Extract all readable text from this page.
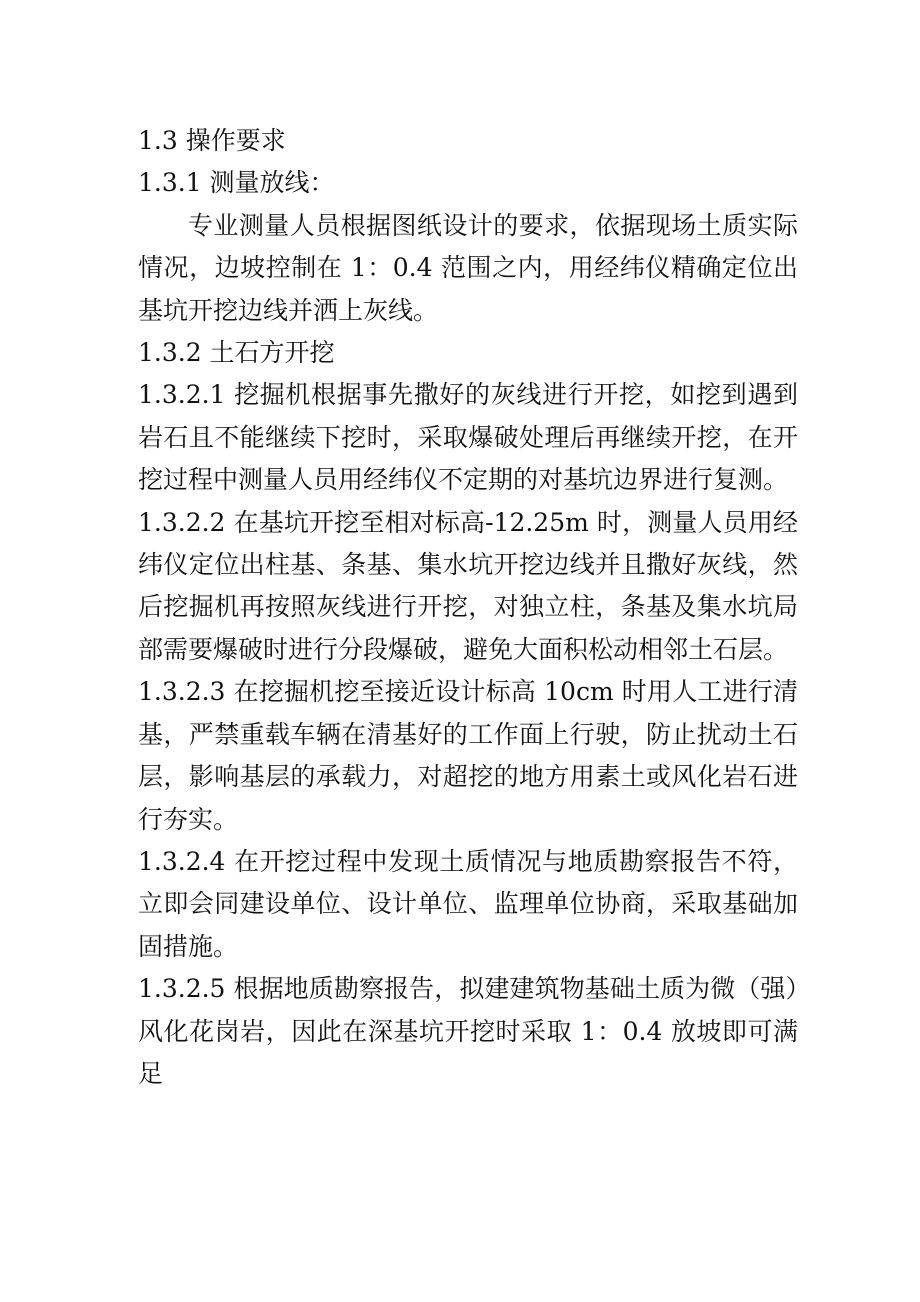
1.3 操作要求

1.3.1 测量放线：

专业测量人员根据图纸设计的要求，依据现场土质实际情况，边坡控制在 1：0.4 范围之内，用经纬仪精确定位出基坑开挖边线并洒上灰线。

1.3.2 土石方开挖

1.3.2.1 挖掘机根据事先撒好的灰线进行开挖，如挖到遇到岩石且不能继续下挖时，采取爆破处理后再继续开挖，在开挖过程中测量人员用经纬仪不定期的对基坑边界进行复测。

1.3.2.2 在基坑开挖至相对标高-12.25m 时，测量人员用经纬仪定位出柱基、条基、集水坑开挖边线并且撒好灰线，然后挖掘机再按照灰线进行开挖，对独立柱，条基及集水坑局部需要爆破时进行分段爆破，避免大面积松动相邻土石层。

1.3.2.3 在挖掘机挖至接近设计标高 10cm 时用人工进行清基，严禁重载车辆在清基好的工作面上行驶，防止扰动土石层，影响基层的承载力，对超挖的地方用素土或风化岩石进行夯实。

1.3.2.4 在开挖过程中发现土质情况与地质勘察报告不符，立即会同建设单位、设计单位、监理单位协商，采取基础加固措施。

1.3.2.5 根据地质勘察报告，拟建建筑物基础土质为微（强）风化花岗岩，因此在深基坑开挖时采取 1：0.4 放坡即可满足
